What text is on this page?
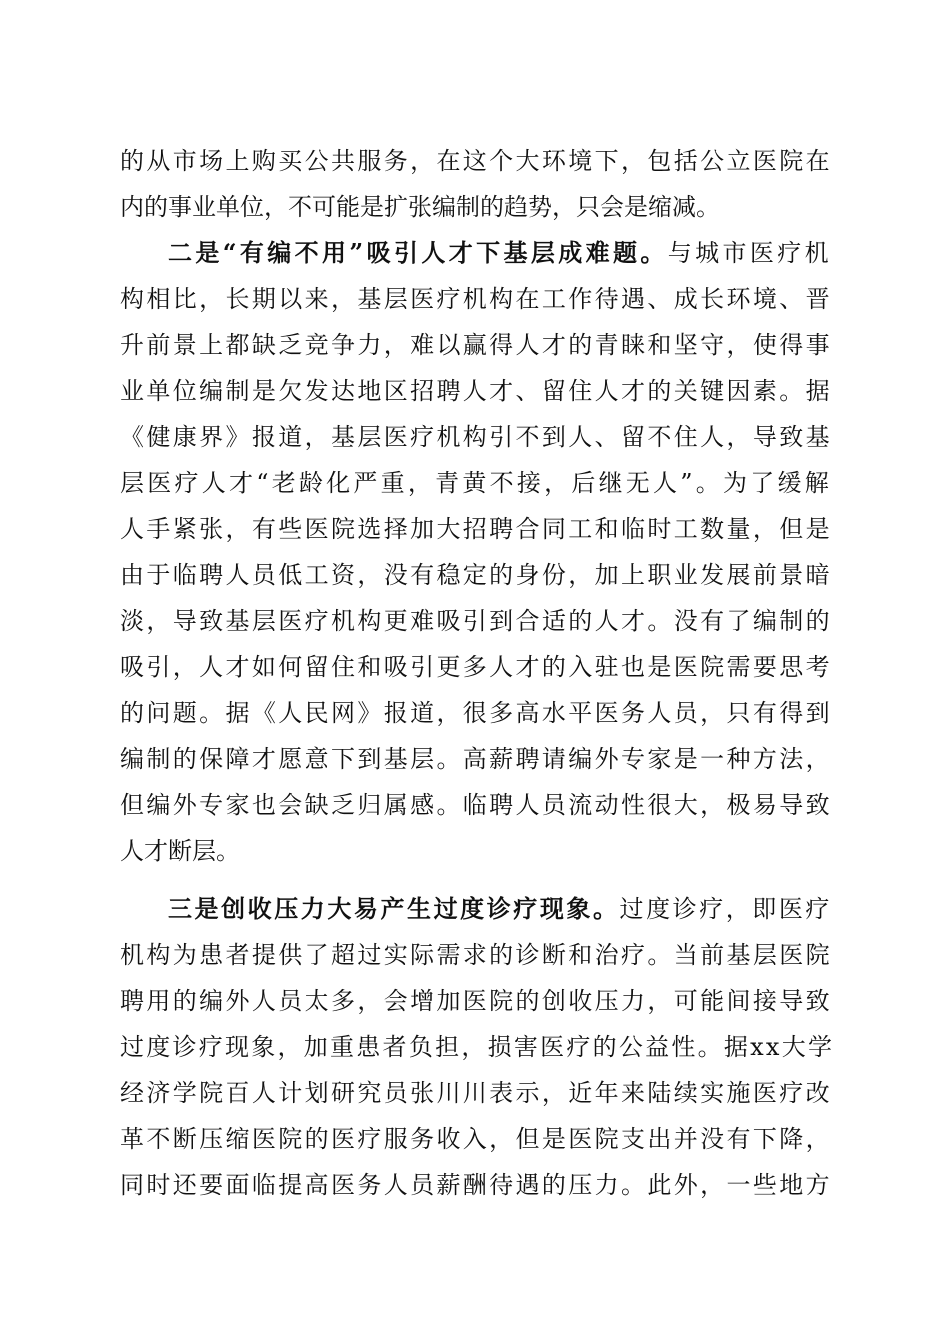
的从市场上购买公共服务，在这个大环境下，包括公立医院在
内的事业单位，不可能是扩张编制的趋势，只会是缩减。
二是“有编不用”吸引人才下基层成难题。与城市医疗机
构相比，长期以来，基层医疗机构在工作待遇、成长环境、晋
升前景上都缺乏竞争力，难以赢得人才的青睐和坚守，使得事
业单位编制是欠发达地区招聘人才、留住人才的关键因素。据
《健康界》报道，基层医疗机构引不到人、留不住人，导致基
层医疗人才“老龄化严重，青黄不接，后继无人”。为了缓解
人手紧张，有些医院选择加大招聘合同工和临时工数量，但是
由于临聘人员低工资，没有稳定的身份，加上职业发展前景暗
淡，导致基层医疗机构更难吸引到合适的人才。没有了编制的
吸引，人才如何留住和吸引更多人才的入驻也是医院需要思考
的问题。据《人民网》报道，很多高水平医务人员，只有得到
编制的保障才愿意下到基层。高薪聘请编外专家是一种方法，
但编外专家也会缺乏归属感。临聘人员流动性很大，极易导致
人才断层。
三是创收压力大易产生过度诊疗现象。过度诊疗，即医疗
机构为患者提供了超过实际需求的诊断和治疗。当前基层医院
聘用的编外人员太多，会增加医院的创收压力，可能间接导致
过度诊疗现象，加重患者负担，损害医疗的公益性。据xx大学
经济学院百人计划研究员张川川表示，近年来陆续实施医疗改
革不断压缩医院的医疗服务收入，但是医院支出并没有下降，
同时还要面临提高医务人员薪酬待遇的压力。此外，一些地方
